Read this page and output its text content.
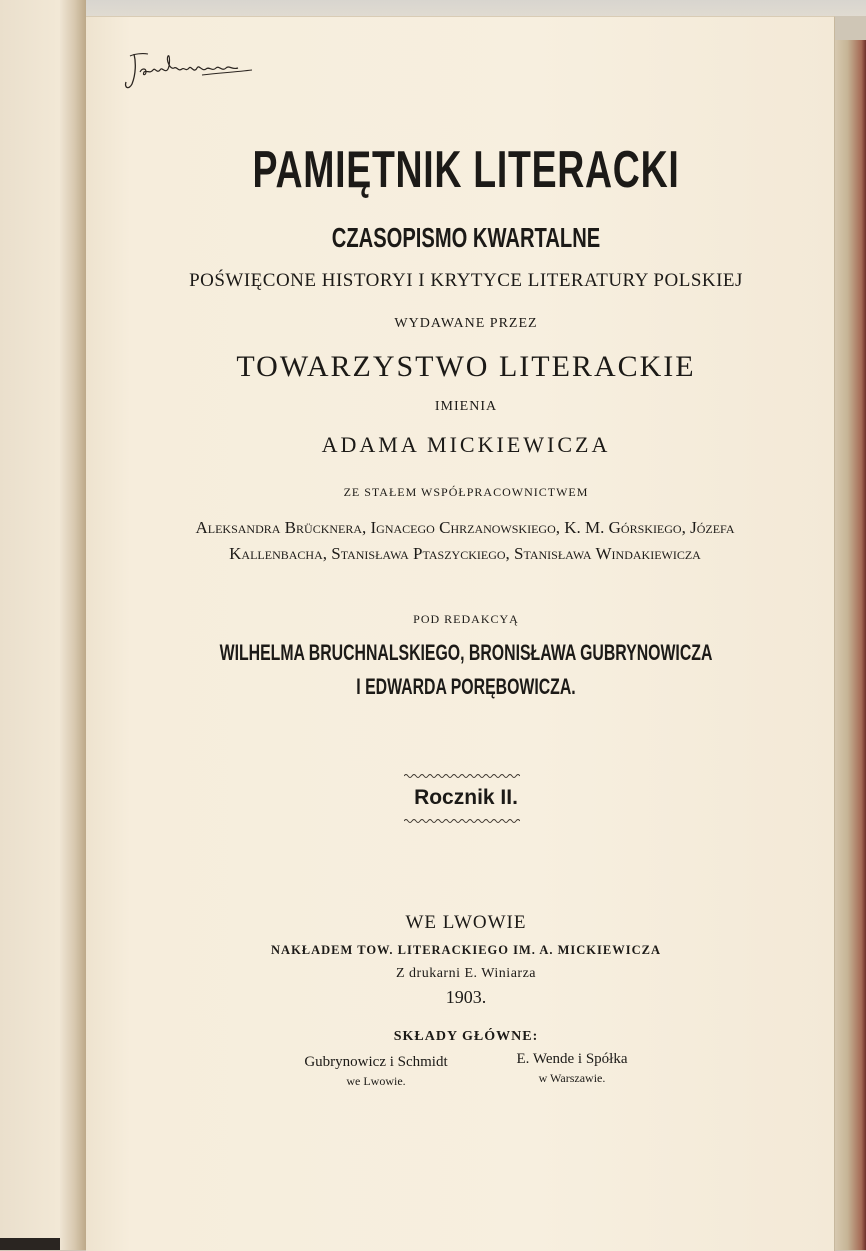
PAMIĘTNIK LITERACKI
CZASOPISMO KWARTALNE
POŚWIĘCONE HISTORYI I KRYTYCE LITERATURY POLSKIEJ
WYDAWANE PRZEZ
TOWARZYSTWO LITERACKIE
IMIENIA
ADAMA MICKIEWICZA
ZE STAŁEM WSPÓŁPRACOWNICTWEM
Aleksandra Brücknera, Ignacego Chrzanowskiego, K. M. Górskiego, Józefa Kallenbacha, Stanisława Ptaszyckiego, Stanisława Windakiewicza
POD REDAKCYĄ
WILHELMA BRUCHNALSKIEGO, BRONISŁAWA GUBRYNOWICZA
I EDWARDA PORĘBOWICZA.
Rocznik II.
WE LWOWIE
NAKŁADEM TOW. LITERACKIEGO IM. A. MICKIEWICZA
Z drukarni E. Winiarza
1903.
SKŁADY GŁÓWNE:
Gubrynowicz i Schmidt
we Lwowie.
E. Wende i Spółka
w Warszawie.
